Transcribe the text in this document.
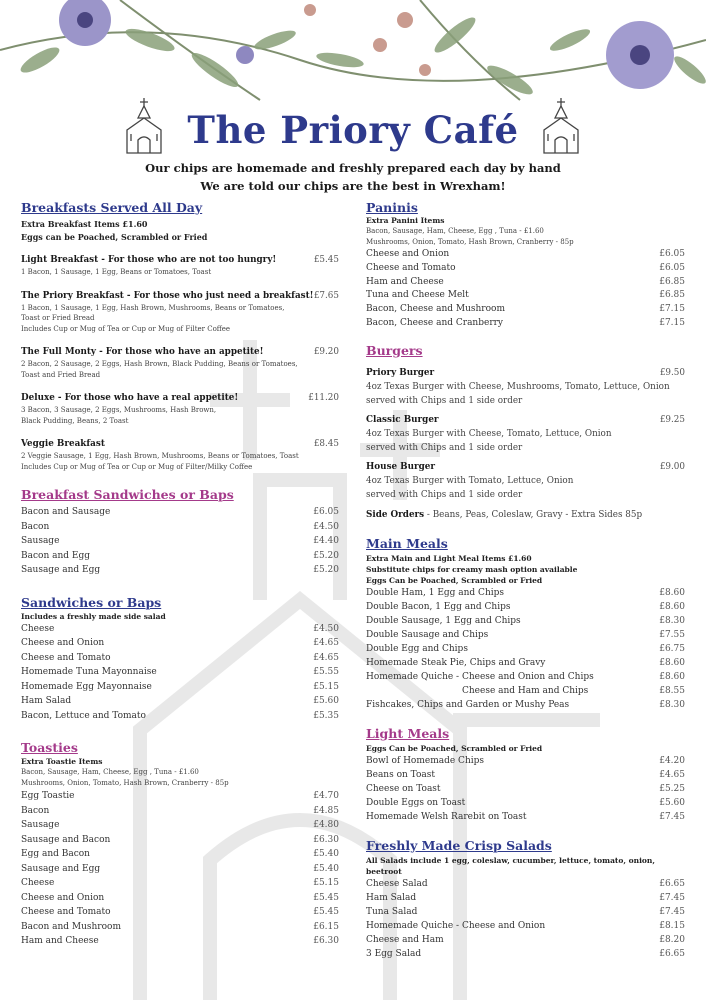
The Priory Café
Our chips are homemade and freshly prepared each day by hand
We are told our chips are the best in Wrexham!
Breakfasts Served All Day
Extra Breakfast Items £1.60
Eggs can be Poached, Scrambled or Fried
Light Breakfast - For those who are not too hungry!	£5.45
1 Bacon, 1 Sausage, 1 Egg, Beans or Tomatoes, Toast
The Priory Breakfast - For those who just need a breakfast! £7.65
1 Bacon, 1 Sausage, 1 Egg, Hash Brown, Mushrooms, Beans or Tomatoes,
Toast or Fried Bread
Includes Cup or Mug of Tea or Cup or Mug of Filter Coffee
The Full Monty - For those who have an appetite!	£9.20
2 Bacon, 2 Sausage, 2 Eggs, Hash Brown, Black Pudding, Beans or Tomatoes,
Toast and Fried Bread
Deluxe - For those who have a real appetite!	£11.20
3 Bacon, 3 Sausage, 2 Eggs, Mushrooms, Hash Brown,
Black Pudding, Beans, 2 Toast
Veggie Breakfast	£8.45
2 Veggie Sausage, 1 Egg, Hash Brown, Mushrooms, Beans or Tomatoes, Toast
Includes Cup or Mug of Tea or Cup or Mug of Filter/Milky Coffee
Breakfast Sandwiches or Baps
Bacon and Sausage	£6.05
Bacon	£4.50
Sausage	£4.40
Bacon and Egg	£5.20
Sausage and Egg	£5.20
Sandwiches or Baps
Includes a freshly made side salad
Cheese	£4.50
Cheese and Onion	£4.65
Cheese and Tomato	£4.65
Homemade Tuna Mayonnaise	£5.55
Homemade Egg Mayonnaise	£5.15
Ham Salad	£5.60
Bacon, Lettuce and Tomato	£5.35
Toasties
Extra Toastie Items
Bacon, Sausage, Ham, Cheese, Egg , Tuna - £1.60
Mushrooms, Onion, Tomato, Hash Brown, Cranberry - 85p
Egg Toastie	£4.70
Bacon	£4.85
Sausage	£4.80
Sausage and Bacon	£6.30
Egg and Bacon	£5.40
Sausage and Egg	£5.40
Cheese	£5.15
Cheese and Onion	£5.45
Cheese and Tomato	£5.45
Bacon and Mushroom	£6.15
Ham and Cheese	£6.30
Paninis
Extra Panini Items
Bacon, Sausage, Ham, Cheese, Egg , Tuna - £1.60
Mushrooms, Onion, Tomato, Hash Brown, Cranberry - 85p
Cheese and Onion	£6.05
Cheese and Tomato	£6.05
Ham and Cheese	£6.85
Tuna and Cheese Melt	£6.85
Bacon, Cheese and Mushroom	£7.15
Bacon, Cheese and Cranberry	£7.15
Burgers
Priory Burger	£9.50
4oz Texas Burger with Cheese, Mushrooms, Tomato, Lettuce, Onion
served with Chips and 1 side order
Classic Burger	£9.25
4oz Texas Burger with Cheese, Tomato, Lettuce, Onion
served with Chips and 1 side order
House Burger	£9.00
4oz Texas Burger with Tomato, Lettuce, Onion
served with Chips and 1 side order
Side Orders - Beans, Peas, Coleslaw, Gravy - Extra Sides 85p
Main Meals
Extra Main and Light Meal Items £1.60
Substitute chips for creamy mash option available
Eggs Can be Poached, Scrambled or Fried
Double Ham, 1 Egg and Chips	£8.60
Double Bacon, 1 Egg and Chips	£8.60
Double Sausage, 1 Egg and Chips	£8.30
Double Sausage and Chips	£7.55
Double Egg and Chips	£6.75
Homemade Steak Pie, Chips and Gravy	£8.60
Homemade Quiche - Cheese and Onion and Chips	£8.60
Cheese and Ham and Chips	£8.55
Fishcakes, Chips and Garden or Mushy Peas	£8.30
Light Meals
Eggs Can be Poached, Scrambled or Fried
Bowl of Homemade Chips	£4.20
Beans on Toast	£4.65
Cheese on Toast	£5.25
Double Eggs on Toast	£5.60
Homemade Welsh Rarebit on Toast	£7.45
Freshly Made Crisp Salads
All Salads include 1 egg, coleslaw, cucumber, lettuce, tomato, onion, beetroot
Cheese Salad	£6.65
Ham Salad	£7.45
Tuna Salad	£7.45
Homemade Quiche - Cheese and Onion	£8.15
Cheese and Ham	£8.20
3 Egg Salad	£6.65
